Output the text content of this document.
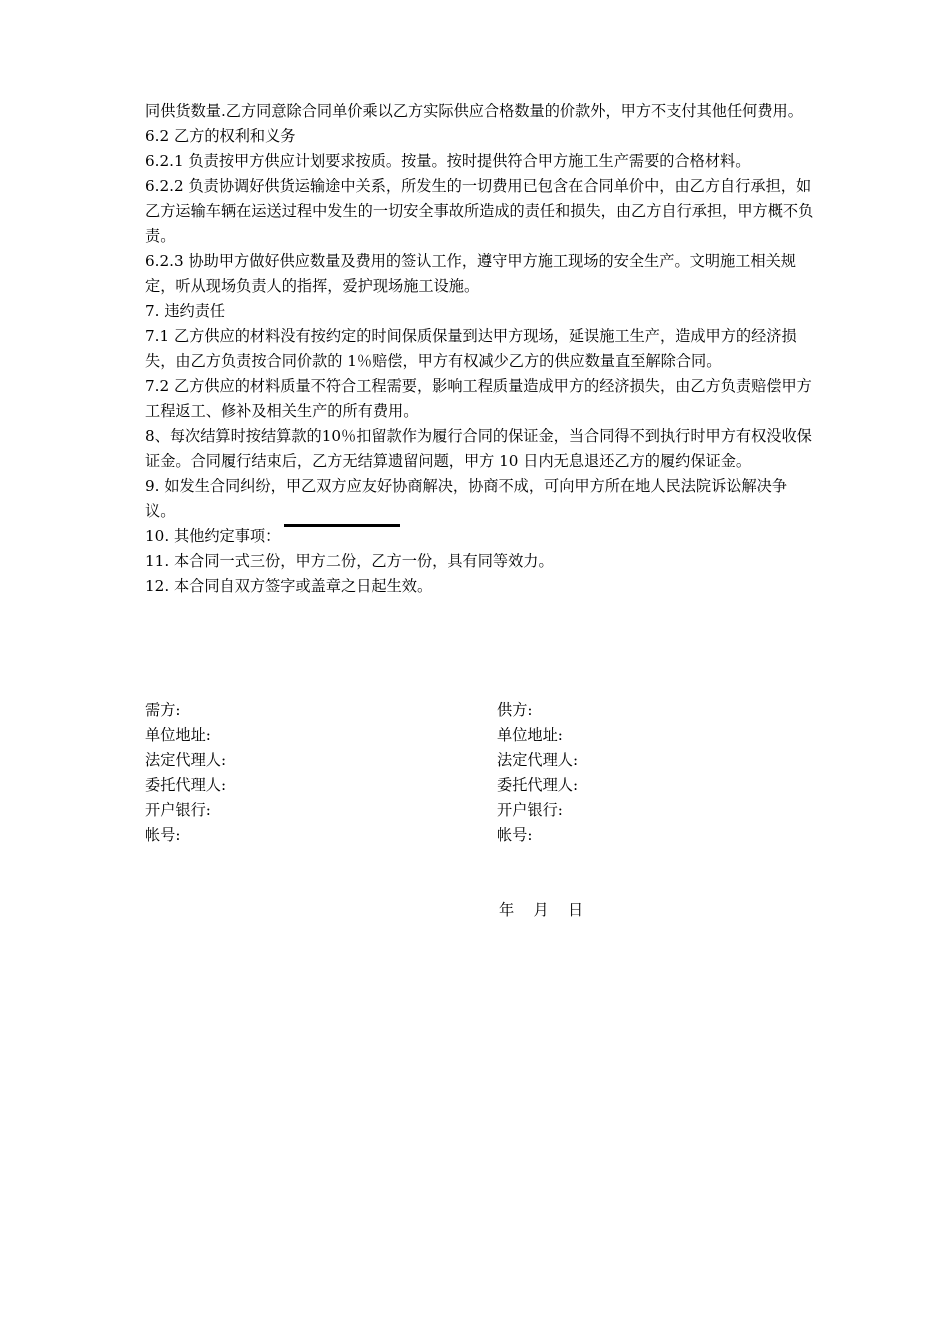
同供货数量.乙方同意除合同单价乘以乙方实际供应合格数量的价款外，甲方不支付其他任何费用。

6.2 乙方的权利和义务

6.2.1 负责按甲方供应计划要求按质。按量。按时提供符合甲方施工生产需要的合格材料。

6.2.2 负责协调好供货运输途中关系，所发生的一切费用已包含在合同单价中，由乙方自行承担，如乙方运输车辆在运送过程中发生的一切安全事故所造成的责任和损失，由乙方自行承担，甲方概不负责。

6.2.3 协助甲方做好供应数量及费用的签认工作，遵守甲方施工现场的安全生产。文明施工相关规定，听从现场负责人的指挥，爱护现场施工设施。

7. 违约责任

7.1 乙方供应的材料没有按约定的时间保质保量到达甲方现场，延误施工生产，造成甲方的经济损失，由乙方负责按合同价款的 1％赔偿，甲方有权减少乙方的供应数量直至解除合同。

7.2 乙方供应的材料质量不符合工程需要，影响工程质量造成甲方的经济损失，由乙方负责赔偿甲方工程返工、修补及相关生产的所有费用。

8、每次结算时按结算款的10％扣留款作为履行合同的保证金，当合同得不到执行时甲方有权没收保证金。合同履行结束后，乙方无结算遗留问题，甲方 10 日内无息退还乙方的履约保证金。

9. 如发生合同纠纷，甲乙双方应友好协商解决，协商不成，可向甲方所在地人民法院诉讼解决争议。

10. 其他约定事项：

11. 本合同一式三份，甲方二份，乙方一份，具有同等效力。

12. 本合同自双方签字或盖章之日起生效。

需方:

单位地址:

法定代理人:

委托代理人:

开户银行:

帐号:

供方:

单位地址:

法定代理人:

委托代理人:

开户银行:

帐号:

年    月    日
